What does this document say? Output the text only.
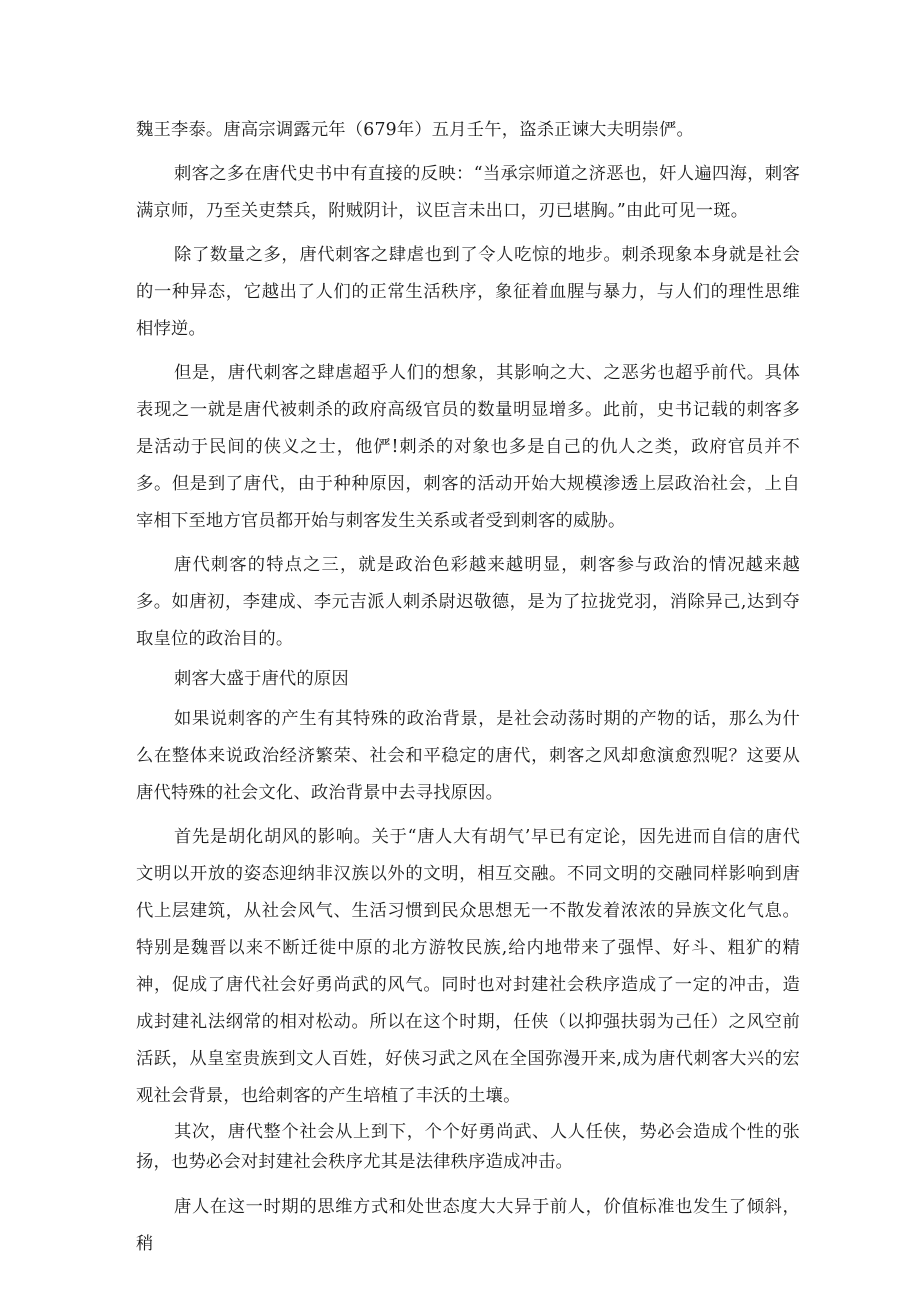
魏王李泰。唐高宗调露元年（679年）五月壬午，盗杀正谏大夫明崇俨。

刺客之多在唐代史书中有直接的反映：“当承宗师道之济恶也，奸人遍四海，刺客满京师，乃至关吏禁兵，附贼阴计，议臣言未出口，刃已堪胸。”由此可见一斑。

除了数量之多，唐代刺客之肆虐也到了令人吃惊的地步。刺杀现象本身就是社会的一种异态，它越出了人们的正常生活秩序，象征着血腥与暴力，与人们的理性思维相悖逆。

但是，唐代刺客之肆虐超乎人们的想象，其影响之大、之恶劣也超乎前代。具体表现之一就是唐代被刺杀的政府高级官员的数量明显增多。此前，史书记载的刺客多是活动于民间的侠义之士，他俨!刺杀的对象也多是自己的仇人之类，政府官员并不多。但是到了唐代，由于种种原因，刺客的活动开始大规模渗透上层政治社会，上自宰相下至地方官员都开始与刺客发生关系或者受到刺客的威胁。

唐代刺客的特点之三，就是政治色彩越来越明显，刺客参与政治的情况越来越多。如唐初，李建成、李元吉派人刺杀尉迟敬德，是为了拉拢党羽，消除异己,达到夺取皇位的政治目的。

刺客大盛于唐代的原因

如果说刺客的产生有其特殊的政治背景，是社会动荡时期的产物的话，那么为什么在整体来说政治经济繁荣、社会和平稳定的唐代，刺客之风却愈演愈烈呢？这要从唐代特殊的社会文化、政治背景中去寻找原因。

首先是胡化胡风的影响。关于“唐人大有胡气’早已有定论，因先进而自信的唐代文明以开放的姿态迎纳非汉族以外的文明，相互交融。不同文明的交融同样影响到唐代上层建筑，从社会风气、生活习惯到民众思想无一不散发着浓浓的异族文化气息。特别是魏晋以来不断迁徙中原的北方游牧民族,给内地带来了强悍、好斗、粗犷的精神，促成了唐代社会好勇尚武的风气。同时也对封建社会秩序造成了一定的冲击，造成封建礼法纲常的相对松动。所以在这个时期，任侠（以抑强扶弱为己任）之风空前活跃，从皇室贵族到文人百姓，好侠习武之风在全国弥漫开来,成为唐代刺客大兴的宏观社会背景，也给刺客的产生培植了丰沃的土壤。

其次，唐代整个社会从上到下，个个好勇尚武、人人任侠，势必会造成个性的张扬，也势必会对封建社会秩序尤其是法律秩序造成冲击。

唐人在这一时期的思维方式和处世态度大大异于前人，价值标准也发生了倾斜，稍
